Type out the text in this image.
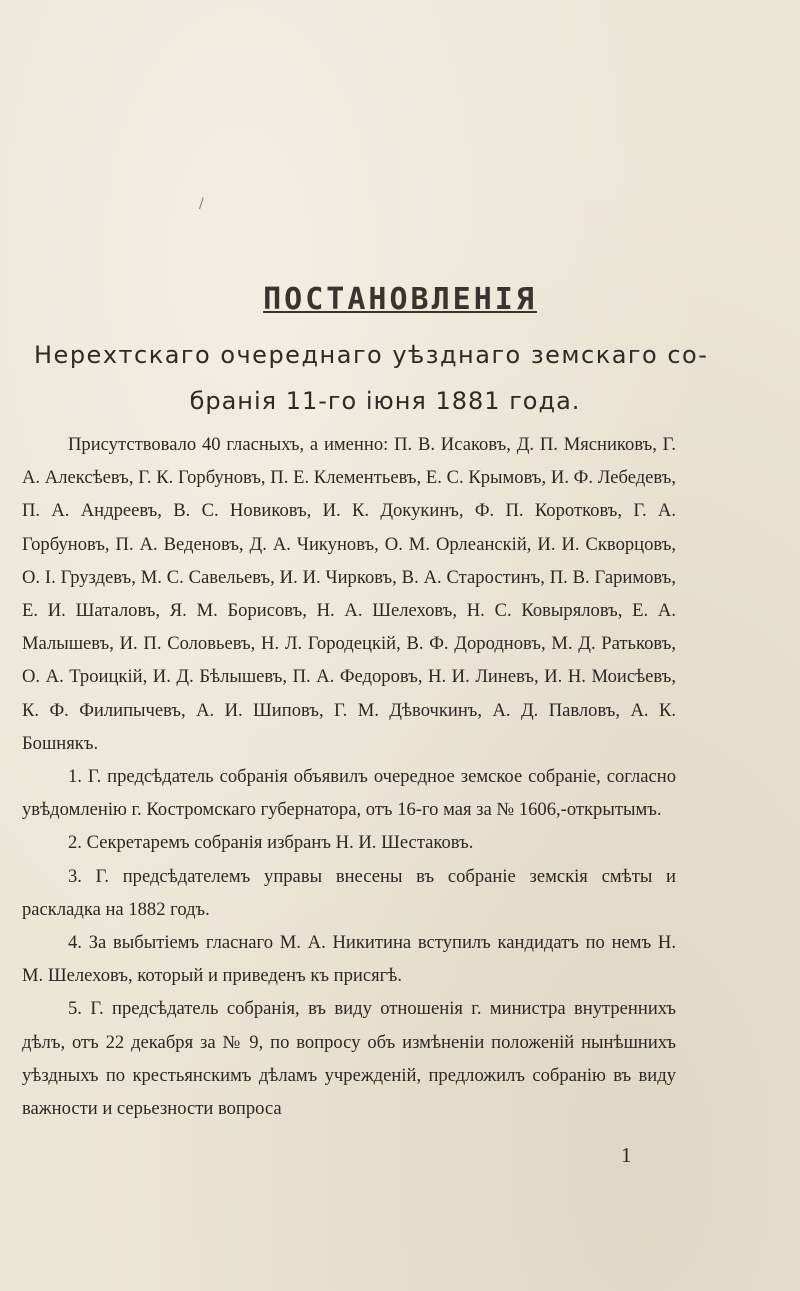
/
ПОСТАНОВЛЕНІЯ
Нерехтскаго очереднаго уѣзднаго земскаго со-
бранія 11-го іюня 1881 года.

Присутствовало 40 гласныхъ, а именно: П. В. Исаковъ, Д. П. Мясниковъ, Г. А. Алексѣевъ, Г. К. Горбуновъ, П. Е. Клементьевъ, Е. С. Крымовъ, И. Ф. Лебедевъ, П. А. Андреевъ, В. С. Новиковъ, И. К. Докукинъ, Ф. П. Коротковъ, Г. А. Горбуновъ, П. А. Веденовъ, Д. А. Чикуновъ, О. М. Орлеанскій, И. И. Скворцовъ, О. І. Груздевъ, М. С. Савельевъ, И. И. Чирковъ, В. А. Старостинъ, П. В. Гаримовъ, Е. И. Шаталовъ, Я. М. Борисовъ, Н. А. Шелеховъ, Н. С. Ковыряловъ, Е. А. Малышевъ, И. П. Соловьевъ, Н. Л. Городецкій, В. Ф. Дородновъ, М. Д. Ратьковъ, О. А. Троицкій, И. Д. Бѣлышевъ, П. А. Федоровъ, Н. И. Линевъ, И. Н. Моисѣевъ, К. Ф. Филипычевъ, А. И. Шиповъ, Г. М. Дѣвочкинъ, А. Д. Павловъ, А. К. Бошнякъ.

1. Г. предсѣдатель собранія объявилъ очередное земское собраніе, согласно увѣдомленію г. Костромскаго губернатора, отъ 16-го мая за № 1606,-открытымъ.

2. Секретаремъ собранія избранъ Н. И. Шестаковъ.

3. Г. предсѣдателемъ управы внесены въ собраніе земскія смѣты и раскладка на 1882 годъ.

4. За выбытіемъ гласнаго М. А. Никитина вступилъ кандидатъ по немъ Н. М. Шелеховъ, который и приведенъ къ присягѣ.

5. Г. предсѣдатель собранія, въ виду отношенія г. министра внутреннихъ дѣлъ, отъ 22 декабря за № 9, по вопросу объ измѣненіи положеній нынѣшнихъ уѣздныхъ по крестьянскимъ дѣламъ учрежденій, предложилъ собранію въ виду важности и серьезности вопроса

1
